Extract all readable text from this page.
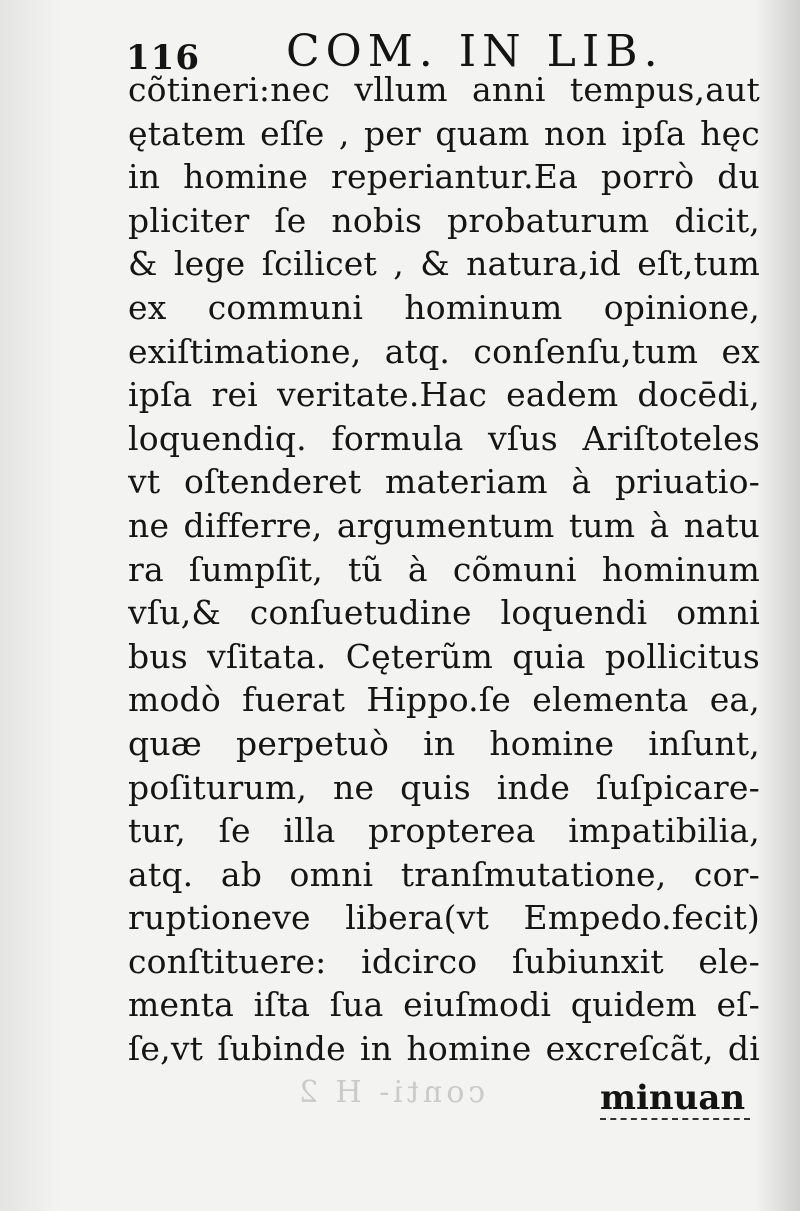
116 COM. IN LIB.
cõtineri:nec vllum anni tempus,aut
ętatem eſſe , per quam non ipſa hęc
in homine reperiantur.Ea porrò du
pliciter ſe nobis probaturum dicit,
& lege ſcilicet , & natura,id eſt,tum
ex communi hominum opinione,
exiſtimatione, atq. conſenſu,tum ex
ipſa rei veritate.Hac eadem docēdi,
loquendiq. formula vſus Ariſtoteles
vt oſtenderet materiam à priuatio-
ne differre, argumentum tum à natu
ra ſumpſit, tũ à cõmuni hominum
vſu,& conſuetudine loquendi omni
bus vſitata. Cęterũm quia pollicitus
modò fuerat Hippo.ſe elementa ea,
quæ perpetuò in homine inſunt,
poſiturum, ne quis inde ſuſpicare-
tur, ſe illa propterea impatibilia,
atq. ab omni tranſmutatione, cor-
ruptioneve libera(vt Empedo.fecit)
conſtituere: idcirco ſubiunxit ele-
menta iſta ſua eiuſmodi quidem eſ-
ſe,vt ſubinde in homine excreſcãt, di
conti- H 2	minuan
